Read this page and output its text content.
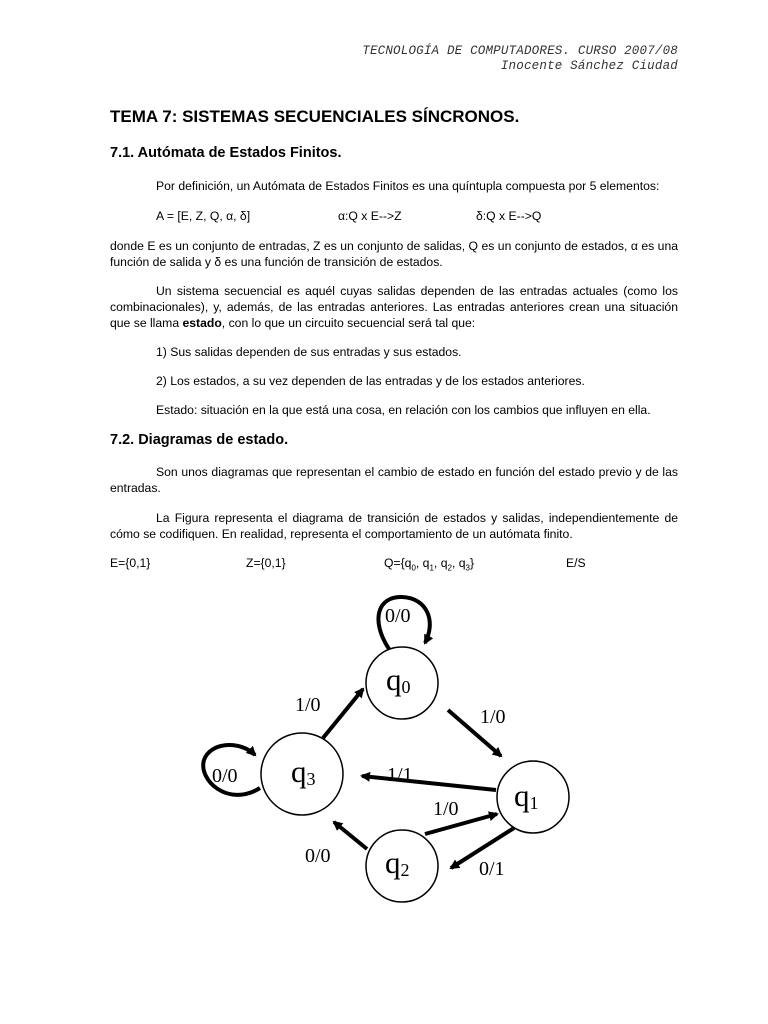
TECNOLOGÍA DE COMPUTADORES. CURSO 2007/08
Inocente Sánchez Ciudad
TEMA 7: SISTEMAS SECUENCIALES SÍNCRONOS.
7.1. Autómata de Estados Finitos.
Por definición, un Autómata de Estados Finitos es una quíntupla compuesta por 5 elementos:
A = [E, Z, Q, α, δ]	α:Q x E-->Z	δ:Q x E-->Q
donde E es un conjunto de entradas, Z es un conjunto de salidas, Q es un conjunto de estados, α es una función de salida y δ es una función de transición de estados.
Un sistema secuencial es aquél cuyas salidas dependen de las entradas actuales (como los combinacionales), y, además, de las entradas anteriores. Las entradas anteriores crean una situación que se llama estado, con lo que un circuito secuencial será tal que:
1) Sus salidas dependen de sus entradas y sus estados.
2) Los estados, a su vez dependen de las entradas y de los estados anteriores.
Estado: situación en la que está una cosa, en relación con los cambios que influyen en ella.
7.2. Diagramas de estado.
Son unos diagramas que representan el cambio de estado en función del estado previo y de las entradas.
La Figura representa el diagrama de transición de estados y salidas, independientemente de cómo se codifiquen. En realidad, representa el comportamiento de un autómata finito.
E={0,1}	Z={0,1}	$Q=\{q_0$, $q_1$, $q_2$, $q_3$}	E/S
q0
q1
q2
q3
0/0
1/0
1/1
0/1
1/0
0/0
0/0
1/0
